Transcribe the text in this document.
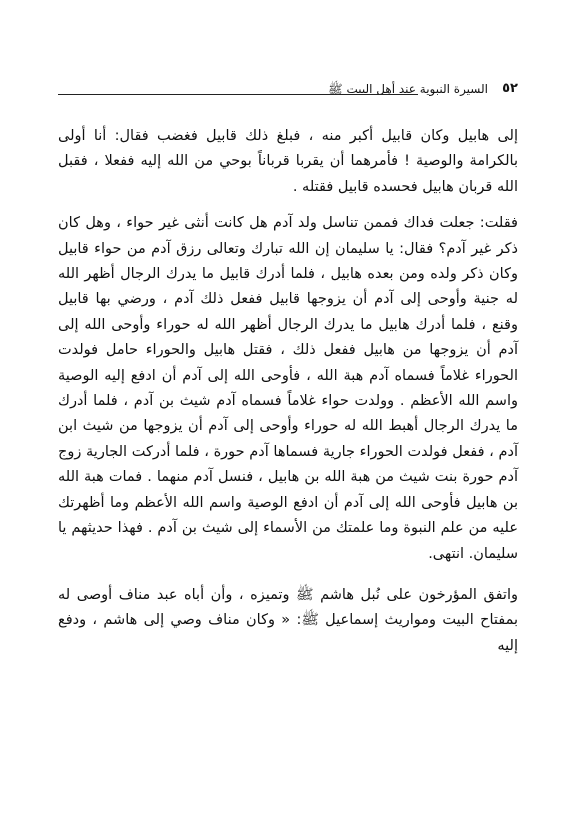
٥٢
السيرة النبوية عند أهل البيت ﷺ

إلى هابيل وكان قابيل أكبر منه ، فبلغ ذلك قابيل فغضب فقال: أنا أولى بالكرامة والوصية ! فأمرهما أن يقربا قرباناً بوحي من الله إليه ففعلا ، فقبل الله قربان هابيل فحسده قابيل فقتله .

فقلت: جعلت فداك فممن تناسل ولد آدم هل كانت أنثى غير حواء ، وهل كان ذكر غير آدم؟ فقال: يا سليمان إن الله تبارك وتعالى رزق آدم من حواء قابيل وكان ذكر ولده ومن بعده هابيل ، فلما أدرك قابيل ما يدرك الرجال أظهر الله له جنية وأوحى إلى آدم أن يزوجها قابيل ففعل ذلك آدم ، ورضي بها قابيل وقنع ، فلما أدرك هابيل ما يدرك الرجال أظهر الله له حوراء وأوحى الله إلى آدم أن يزوجها من هابيل ففعل ذلك ، فقتل هابيل والحوراء حامل فولدت الحوراء غلاماً فسماه آدم هبة الله ، فأوحى الله إلى آدم أن ادفع إليه الوصية واسم الله الأعظم . وولدت حواء غلاماً فسماه آدم شيث بن آدم ، فلما أدرك ما يدرك الرجال أهبط الله له حوراء وأوحى إلى آدم أن يزوجها من شيث ابن آدم ، ففعل فولدت الحوراء جارية فسماها آدم حورة ، فلما أدركت الجارية زوج آدم حورة بنت شيث من هبة الله بن هابيل ، فنسل آدم منهما . فمات هبة الله بن هابيل فأوحى الله إلى آدم أن ادفع الوصية واسم الله الأعظم وما أظهرتك عليه من علم النبوة وما علمتك من الأسماء إلى شيث بن آدم . فهذا حديثهم يا سليمان. انتهى.

واتفق المؤرخون على نُبل هاشم ﷺ وتميزه ، وأن أباه عبد مناف أوصى له بمفتاح البيت ومواريث إسماعيل ﷺ: « وكان مناف وصي إلى هاشم ، ودفع إليه
